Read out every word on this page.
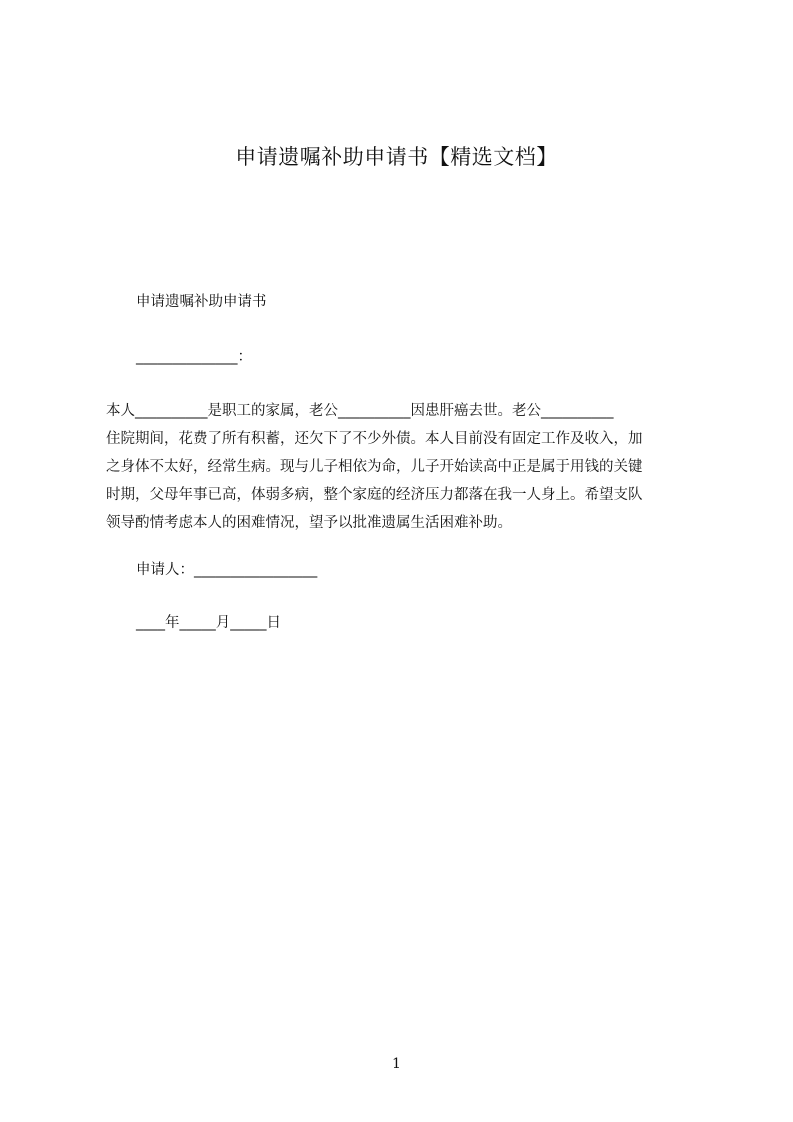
申请遗嘱补助申请书【精选文档】

申请遗嘱补助申请书

______________：

本人__________是职工的家属，老公__________因患肝癌去世。老公__________
住院期间，花费了所有积蓄，还欠下了不少外债。本人目前没有固定工作及收入，加
之身体不太好，经常生病。现与儿子相依为命，儿子开始读高中正是属于用钱的关键
时期，父母年事已高，体弱多病，整个家庭的经济压力都落在我一人身上。希望支队
领导酌情考虑本人的困难情况，望予以批准遗属生活困难补助。

申请人：_________________

____年_____月_____日

1
